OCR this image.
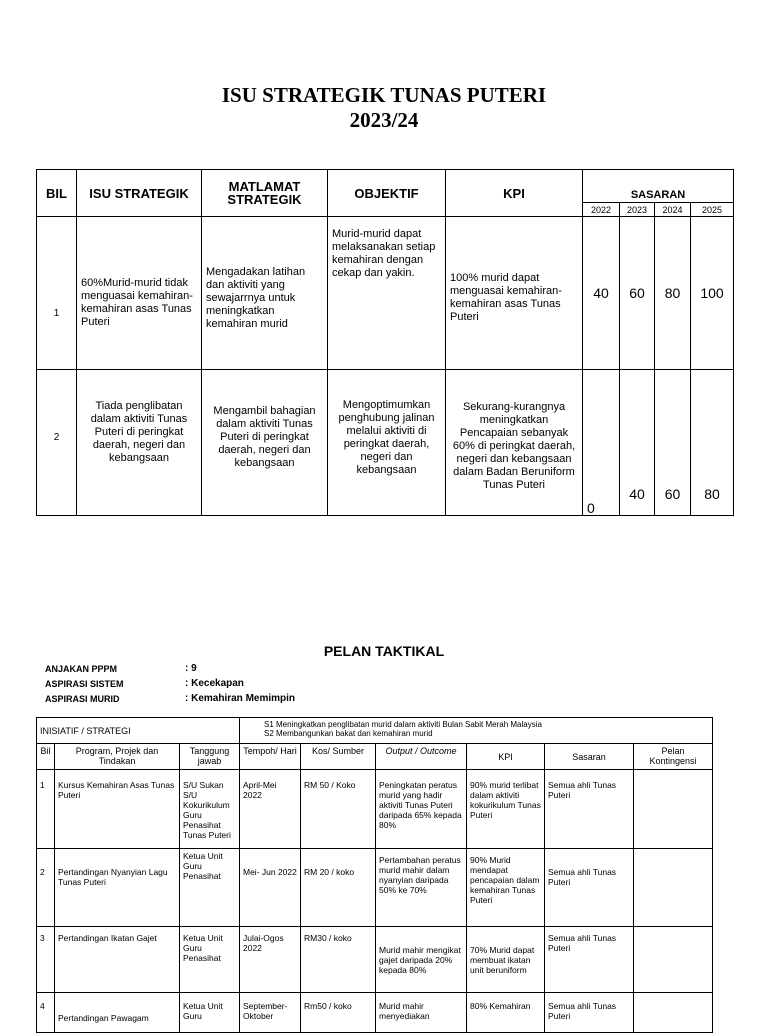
ISU STRATEGIK TUNAS PUTERI
2023/24
BIL	ISU STRATEGIK	MATLAMAT STRATEGIK	OBJEKTIF	KPI	SASARAN			
					2022	2023	2024	2025
1	60%Murid-murid tidak menguasai kemahiran-kemahiran asas Tunas Puteri	Mengadakan latihan dan aktiviti yang sewajarrnya untuk meningkatkan kemahiran murid	Murid-murid dapat melaksanakan setiap kemahiran dengan cekap dan yakin.	100% murid dapat menguasai kemahiran-kemahiran asas Tunas Puteri	40	60	80	100
2	Tiada penglibatan dalam aktiviti Tunas Puteri di peringkat daerah, negeri dan kebangsaan	Mengambil bahagian dalam aktiviti Tunas Puteri di peringkat daerah, negeri dan kebangsaan	Mengoptimumkan penghubung jalinan melalui aktiviti di peringkat daerah, negeri dan kebangsaan	Sekurang-kurangnya meningkatkan Pencapaian sebanyak 60% di peringkat daerah, negeri dan kebangsaan dalam Badan Beruniform Tunas Puteri	0	40	60	80
PELAN TAKTIKAL
ANJAKAN PPPM	: 9
ASPIRASI SISTEM	: Kecekapan
ASPIRASI MURID	: Kemahiran Memimpin
INISIATIF / STRATEGI			S1 Meningkatkan penglibatan murid dalam aktiviti Bulan Sabit Merah Malaysia
S2 Membangunkan bakat dan kemahiran murid					

Bil	Program, Projek dan Tindakan	Tanggung jawab	Tempoh/ Hari	Kos/ Sumber	Output / Outcome	KPI	Sasaran	Pelan Kontingensi
1	Kursus Kemahiran Asas Tunas Puteri	S/U Sukan S/U Kokurikulum Guru Penasihat Tunas Puteri	April-Mei 2022	RM 50 / Koko	Peningkatan peratus murid yang hadir aktiviti Tunas Puteri daripada 65% kepada 80%	90% murid terlibat dalam aktiviti kokurikulum Tunas Puteri	Semua ahli Tunas Puteri	
2	Pertandingan Nyanyian Lagu Tunas Puteri	Ketua Unit Guru Penasihat	Mei- Jun 2022	RM 20 / koko	Pertambahan peratus murid mahir dalam nyanyian daripada 50% ke 70%	90% Murid mendapat pencapaian dalam kemahiran Tunas Puteri	Semua ahli Tunas Puteri	
3	Pertandingan Ikatan Gajet	Ketua Unit Guru Penasihat	Julai-Ogos 2022	RM30 / koko	Murid mahir mengikat gajet daripada 20% kepada 80%	70% Murid dapat membuat ikatan unit beruniform	Semua ahli Tunas Puteri	
4	Pertandingan Pawagam	Ketua Unit Guru	September-Oktober	Rm50 / koko	Murid mahir menyediakan	80% Kemahiran	Semua ahli Tunas Puteri	
